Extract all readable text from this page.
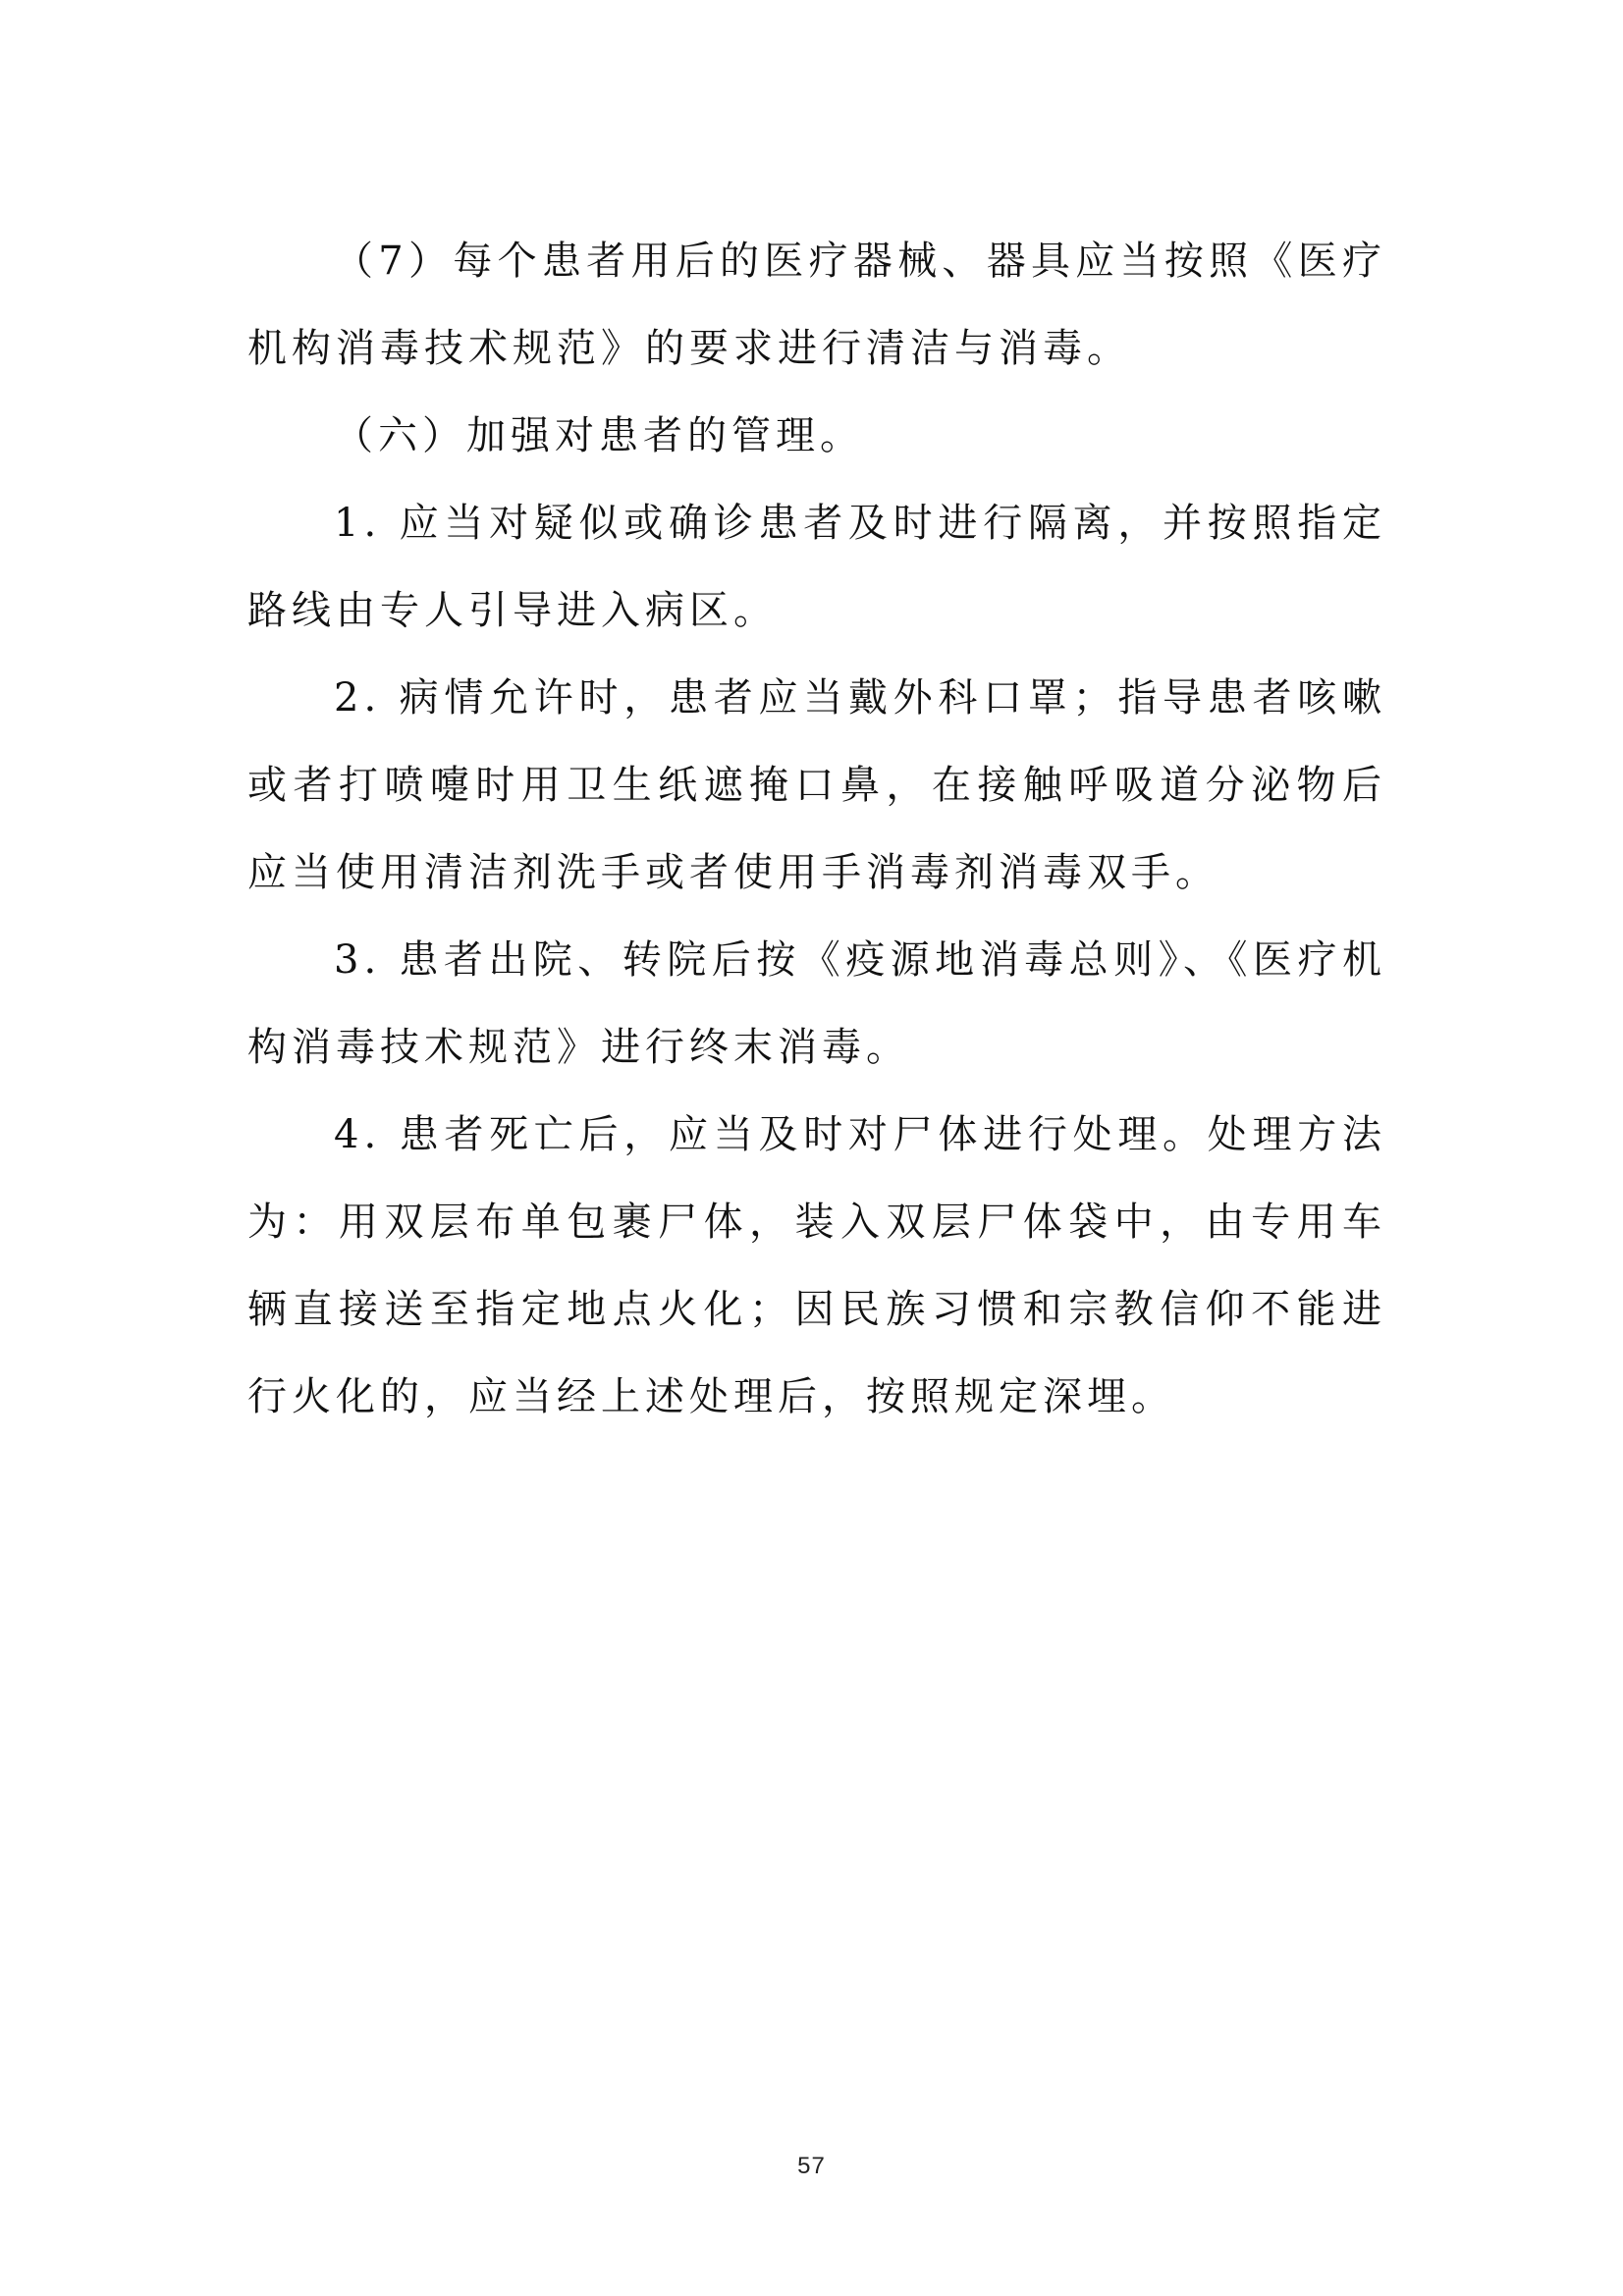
（7）每个患者用后的医疗器械、器具应当按照《医疗机构消毒技术规范》的要求进行清洁与消毒。

（六）加强对患者的管理。

1. 应当对疑似或确诊患者及时进行隔离，并按照指定路线由专人引导进入病区。

2. 病情允许时，患者应当戴外科口罩；指导患者咳嗽或者打喷嚏时用卫生纸遮掩口鼻，在接触呼吸道分泌物后应当使用清洁剂洗手或者使用手消毒剂消毒双手。

3. 患者出院、转院后按《疫源地消毒总则》、《医疗机构消毒技术规范》进行终末消毒。

4. 患者死亡后，应当及时对尸体进行处理。处理方法为：用双层布单包裹尸体，装入双层尸体袋中，由专用车辆直接送至指定地点火化；因民族习惯和宗教信仰不能进行火化的，应当经上述处理后，按照规定深埋。

57
